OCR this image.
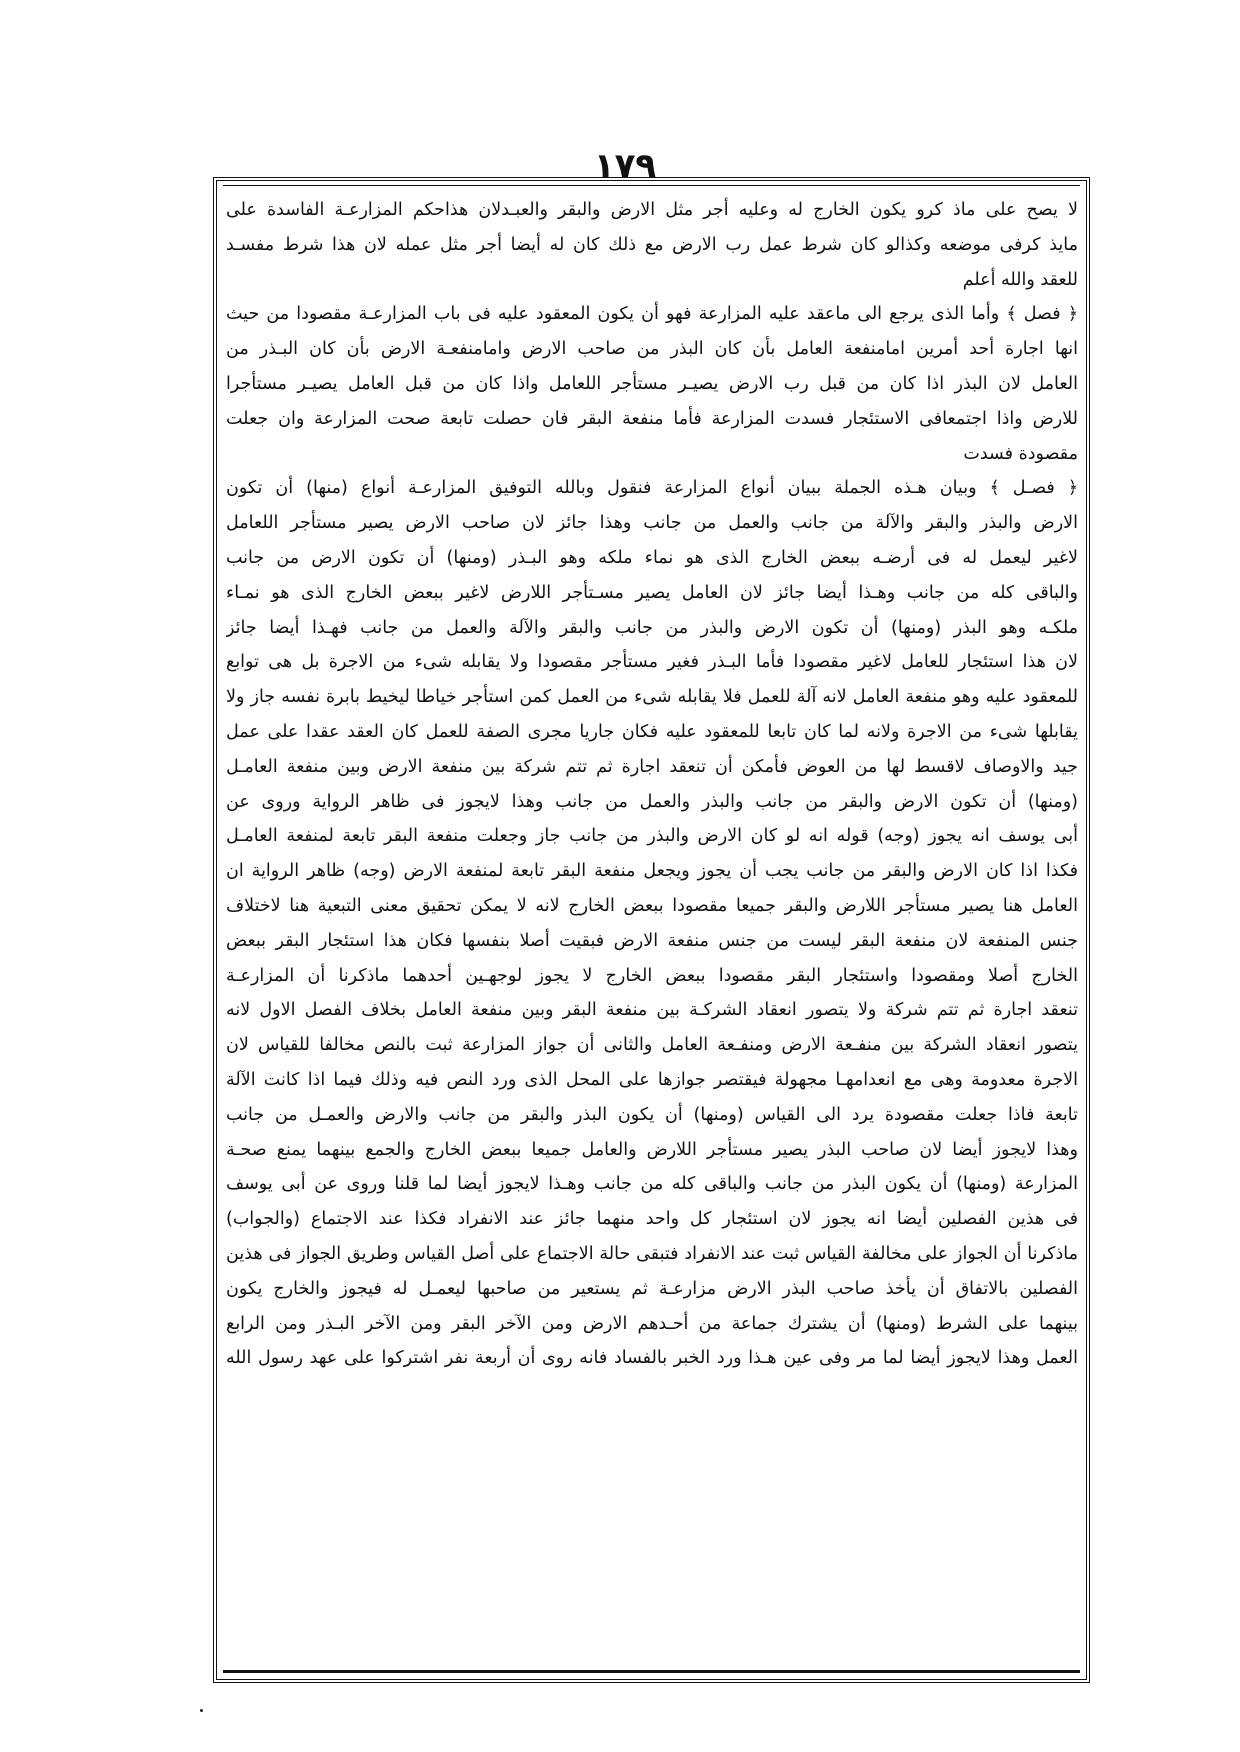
١٧٩
لا يصح على ماذ كرو يكون الخارج له وعليه أجر مثل الارض والبقر والعبـدلان هذاحكم المزارعـة الفاسدة على
مايذ كرفى موضعه وكذالو كان شرط عمل رب الارض مع ذلك كان له أيضا أجر مثل عمله لان هذا شرط مفسـد
للعقد والله أعلم
﴿ فصل ﴾ وأما الذى يرجع الى ماعقد عليه المزارعة فهو أن يكون المعقود عليه فى باب المزارعـة مقصودا من حيث
انها اجارة أحد أمرين امامنفعة العامل بأن كان البذر من صاحب الارض وامامنفعـة الارض بأن كان البـذر من
العامل لان البذر اذا كان من قبل رب الارض يصيـر مستأجر اللعامل واذا كان من قبل العامل يصيـر مستأجرا
للارض واذا اجتمعافى الاستئجار فسدت المزارعة فأما منفعة البقر فان حصلت تابعة صحت المزارعة وان جعلت
مقصودة فسدت
﴿ فصـل ﴾ وبيان هـذه الجملة ببيان أنواع المزارعة فنقول وبالله التوفيق المزارعـة أنواع (منها) أن تكون
الارض والبذر والبقر والآلة من جانب والعمل من جانب وهذا جائز لان صاحب الارض يصير مستأجر اللعامل
لاغير ليعمل له فى أرضـه ببعض الخارج الذى هو نماء ملكه وهو البـذر (ومنها) أن تكون الارض من جانب
والباقى كله من جانب وهـذا أيضا جائز لان العامل يصير مسـتأجر اللارض لاغير ببعض الخارج الذى هو نمـاء
ملكـه وهو البذر (ومنها) أن تكون الارض والبذر من جانب والبقر والآلة والعمل من جانب فهـذا أيضا جائز
لان هذا استئجار للعامل لاغير مقصودا فأما البـذر فغير مستأجر مقصودا ولا يقابله شىء من الاجرة بل هى توابع
للمعقود عليه وهو منفعة العامل لانه آلة للعمل فلا يقابله شىء من العمل كمن استأجر خياطا ليخيط بابرة نفسه جاز ولا
يقابلها شىء من الاجرة ولانه لما كان تابعا للمعقود عليه فكان جاريا مجرى الصفة للعمل كان العقد عقدا على عمل
جيد والاوصاف لاقسط لها من العوض فأمكن أن تنعقد اجارة ثم تتم شركة بين منفعة الارض وبين منفعة العامـل
(ومنها) أن تكون الارض والبقر من جانب والبذر والعمل من جانب وهذا لايجوز فى ظاهر الرواية وروى عن
أبى يوسف انه يجوز (وجه) قوله انه لو كان الارض والبذر من جانب جاز وجعلت منفعة البقر تابعة لمنفعة العامـل
فكذا اذا كان الارض والبقر من جانب يجب أن يجوز ويجعل منفعة البقر تابعة لمنفعة الارض (وجه) ظاهر الرواية ان
العامل هنا يصير مستأجر اللارض والبقر جميعا مقصودا ببعض الخارج لانه لا يمكن تحقيق معنى التبعية هنا لاختلاف
جنس المنفعة لان منفعة البقر ليست من جنس منفعة الارض فبقيت أصلا بنفسها فكان هذا استئجار البقر ببعض
الخارج أصلا ومقصودا واستئجار البقر مقصودا ببعض الخارج لا يجوز لوجهـين أحدهما ماذكرنا أن المزارعـة
تنعقد اجارة ثم تتم شركة ولا يتصور انعقاد الشركـة بين منفعة البقر وبين منفعة العامل بخلاف الفصل الاول لانه
يتصور انعقاد الشركة بين منفـعة الارض ومنفـعة العامل والثانى أن جواز المزارعة ثبت بالنص مخالفا للقياس لان
الاجرة معدومة وهى مع انعدامهـا مجهولة فيقتصر جوازها على المحل الذى ورد النص فيه وذلك فيما اذا كانت الآلة
تابعة فاذا جعلت مقصودة يرد الى القياس (ومنها) أن يكون البذر والبقر من جانب والارض والعمـل من جانب
وهذا لايجوز أيضا لان صاحب البذر يصير مستأجر اللارض والعامل جميعا ببعض الخارج والجمع بينهما يمنع صحـة
المزارعة (ومنها) أن يكون البذر من جانب والباقى كله من جانب وهـذا لايجوز أيضا لما قلنا وروى عن أبى يوسف
فى هذين الفصلين أيضا انه يجوز لان استئجار كل واحد منهما جائز عند الانفراد فكذا عند الاجتماع (والجواب)
ماذكرنا أن الجواز على مخالفة القياس ثبت عند الانفراد فتبقى حالة الاجتماع على أصل القياس وطريق الجواز فى هذين
الفصلين بالاتفاق أن يأخذ صاحب البذر الارض مزارعـة ثم يستعير من صاحبها ليعمـل له فيجوز والخارج يكون
بينهما على الشرط (ومنها) أن يشترك جماعة من أحـدهم الارض ومن الآخر البقر ومن الآخر البـذر ومن الرابع
العمل وهذا لايجوز أيضا لما مر وفى عين هـذا ورد الخبر بالفساد فانه روى أن أربعة نفر اشتركوا على عهد رسول الله
